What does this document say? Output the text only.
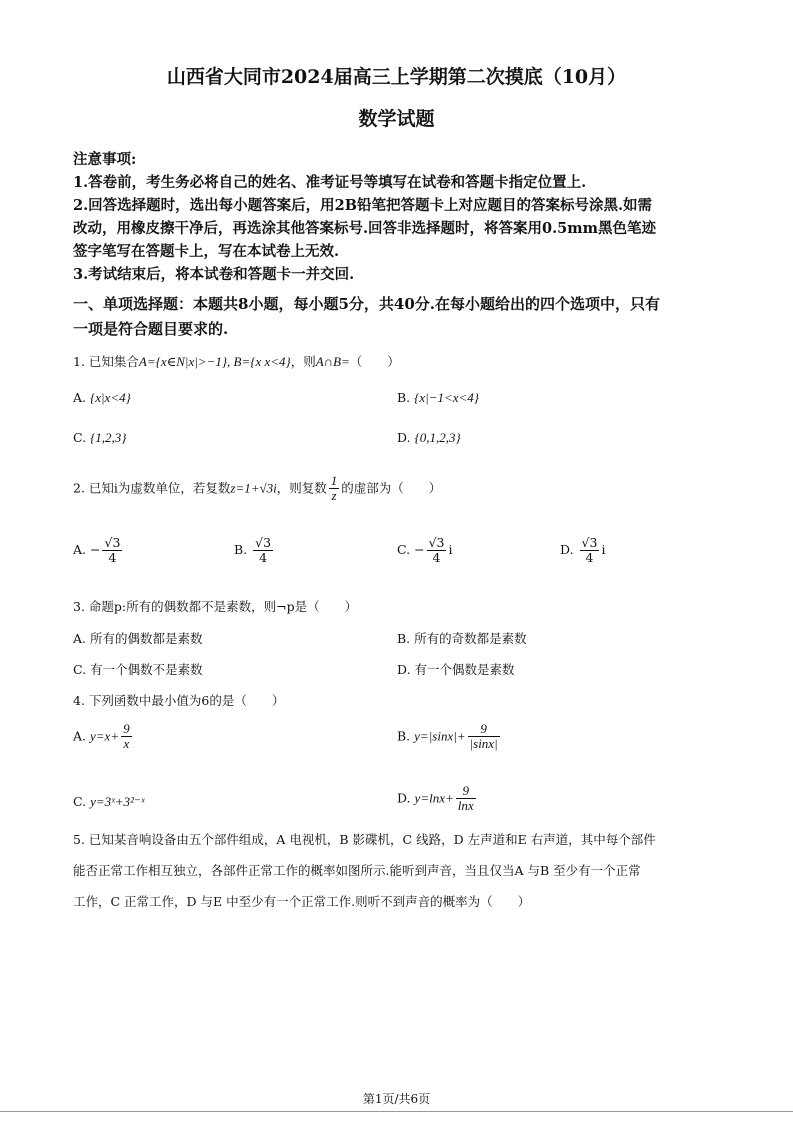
山西省大同市2024届高三上学期第二次摸底（10月）
数学试题
注意事项:
1.答卷前，考生务必将自己的姓名、准考证号等填写在试卷和答题卡指定位置上.
2.回答选择题时，选出每小题答案后，用2B铅笔把答题卡上对应题目的答案标号涂黑.如需
改动，用橡皮擦干净后，再选涂其他答案标号.回答非选择题时，将答案用0.5mm黑色笔迹
签字笔写在答题卡上，写在本试卷上无效.
3.考试结束后，将本试卷和答题卡一并交回.
一、单项选择题：本题共8小题，每小题5分，共40分.在每小题给出的四个选项中，只有
一项是符合题目要求的.
1. 已知集合A={x∈N|x|>−1}, B={x x<4}，则A∩B=（　　）
A. {x|x<4}	B. {x|−1<x<4}
C. {1,2,3}	D. {0,1,2,3}
2. 已知i为虚数单位，若复数z=1+√3i，则复数 $\frac{1}{z}$ 的虚部为（　　）
A. − $\frac{√3}{4}$	B. $\frac{√3}{4}$	C. − $\frac{√3}{4}$ i	D. $\frac{√3}{4}$ i
3. 命题p:所有的偶数都不是素数，则¬p是（　　）
A. 所有的偶数都是素数	B. 所有的奇数都是素数
C. 有一个偶数不是素数	D. 有一个偶数是素数
4. 下列函数中最小值为6的是（　　）
A. $y=x+ \frac{9}{x}$	B. $y=|\sin x|+ \frac{9}{|\sin x|}$
C. y=3ˣ+3²⁻ˣ	D. $y=\ln x+ \frac{9}{\ln x}$
5. 已知某音响设备由五个部件组成，A 电视机，B 影碟机，C 线路，D 左声道和E 右声道，其中每个部件
能否正常工作相互独立，各部件正常工作的概率如图所示.能听到声音，当且仅当A 与B 至少有一个正常
工作，C 正常工作，D 与E 中至少有一个正常工作.则听不到声音的概率为（　　）
第1页/共6页
